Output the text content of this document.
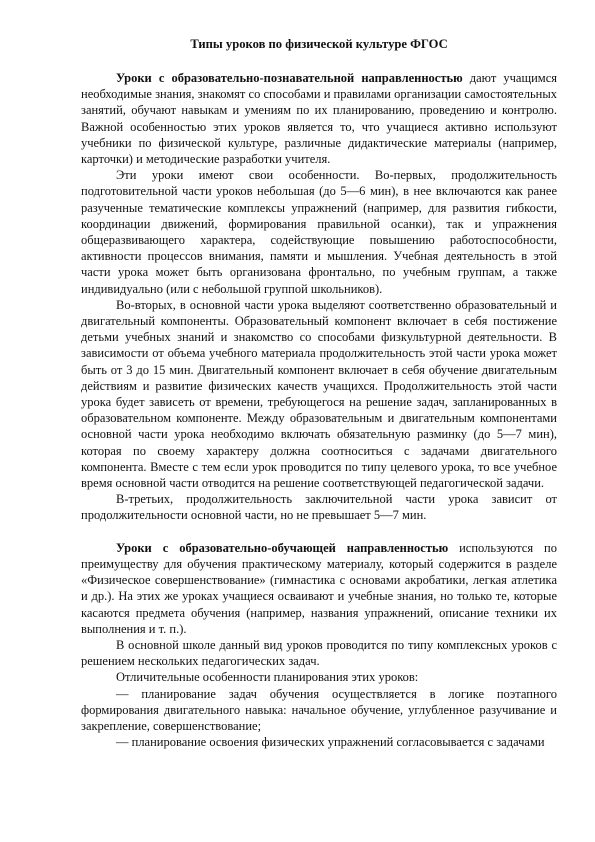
Типы уроков по физической культуре ФГОС

Уроки с образовательно-познавательной направленностью дают учащимся необходимые знания, знакомят со способами и правилами организации самостоятельных занятий, обучают навыкам и умениям по их планированию, проведению и контролю. Важной особенностью этих уроков является то, что учащиеся активно используют учебники по физической культуре, различные дидактические материалы (например, карточки) и методические разработки учителя.

Эти уроки имеют свои особенности. Во-первых, продолжительность подготовительной части уроков небольшая (до 5—6 мин), в нее включаются как ранее разученные тематические комплексы упражнений (например, для развития гибкости, координации движений, формирования правильной осанки), так и упражнения общеразвивающего характера, содействующие повышению работоспособности, активности процессов внимания, памяти и мышления. Учебная деятельность в этой части урока может быть организована фронтально, по учебным группам, а также индивидуально (или с небольшой группой школьников).

Во-вторых, в основной части урока выделяют соответственно образовательный и двигательный компоненты. Образовательный компонент включает в себя постижение детьми учебных знаний и знакомство со способами физкультурной деятельности. В зависимости от объема учебного материала продолжительность этой части урока может быть от 3 до 15 мин. Двигательный компонент включает в себя обучение двигательным действиям и развитие физических качеств учащихся. Продолжительность этой части урока будет зависеть от времени, требующегося на решение задач, запланированных в образовательном компоненте. Между образовательным и двигательным компонентами основной части урока необходимо включать обязательную разминку (до 5—7 мин), которая по своему характеру должна соотноситься с задачами двигательного компонента. Вместе с тем если урок проводится по типу целевого урока, то все учебное время основной части отводится на решение соответствующей педагогической задачи.

В-третьих, продолжительность заключительной части урока зависит от продолжительности основной части, но не превышает 5—7 мин.

Уроки с образовательно-обучающей направленностью используются по преимуществу для обучения практическому материалу, который содержится в разделе «Физическое совершенствование» (гимнастика с основами акробатики, легкая атлетика и др.). На этих же уроках учащиеся осваивают и учебные знания, но только те, которые касаются предмета обучения (например, названия упражнений, описание техники их выполнения и т. п.).

В основной школе данный вид уроков проводится по типу комплексных уроков с решением нескольких педагогических задач.

Отличительные особенности планирования этих уроков:

— планирование задач обучения осуществляется в логике поэтапного формирования двигательного навыка: начальное обучение, углубленное разучивание и закрепление, совершенствование;

— планирование освоения физических упражнений согласовывается с задачами
